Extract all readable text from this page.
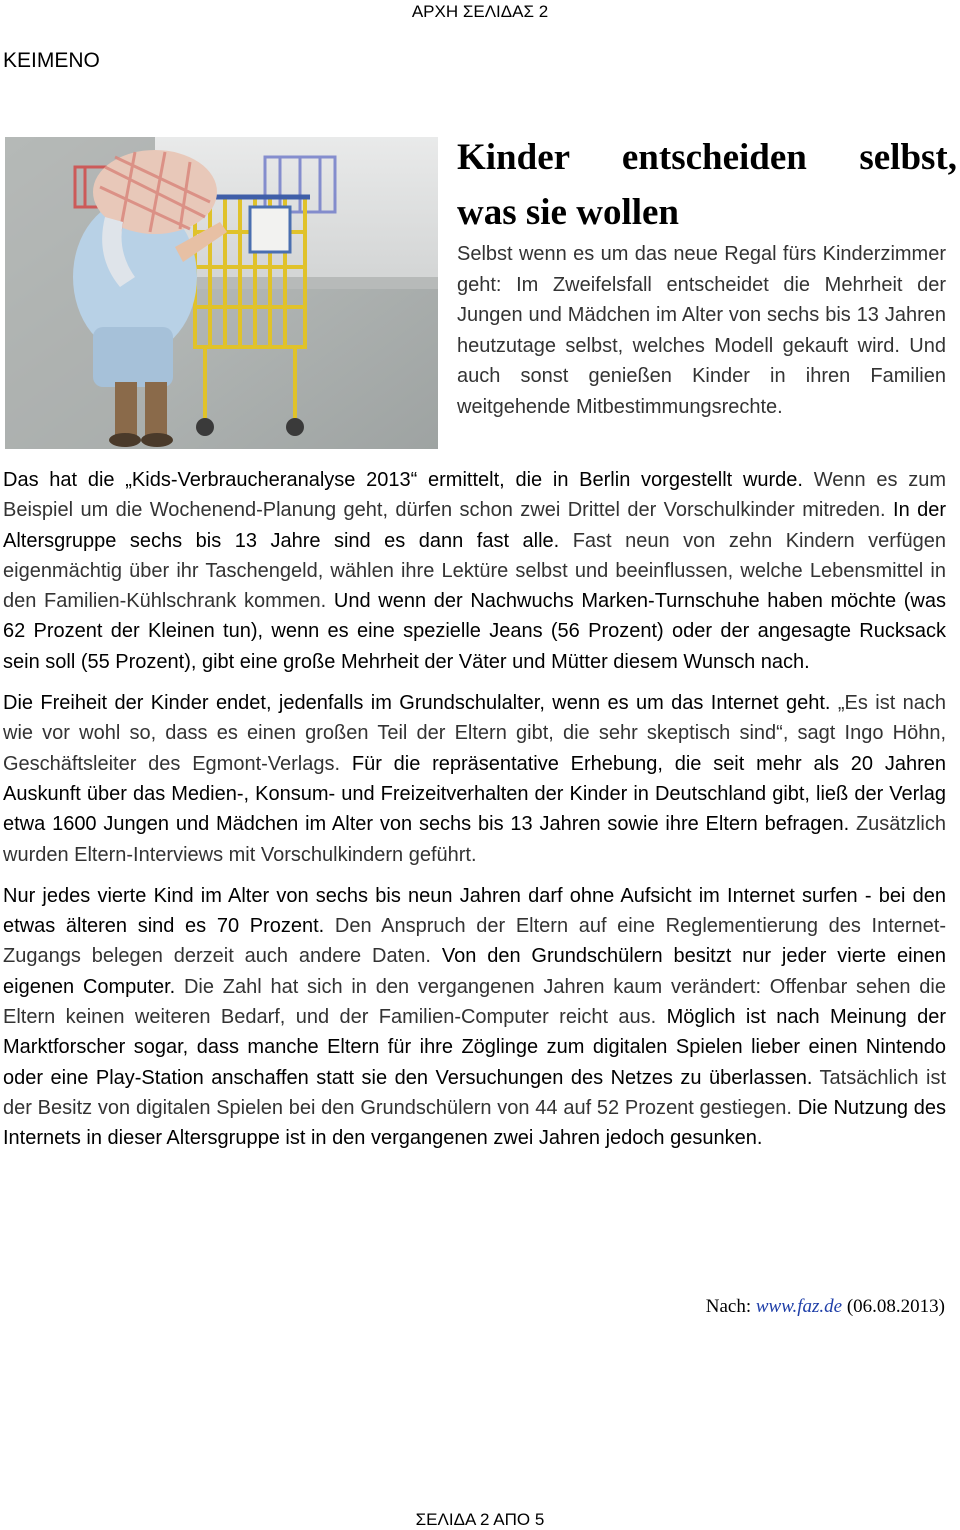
ΑΡΧΗ ΣΕΛΙΔΑΣ 2
KEIMENO
Kinder entscheiden selbst,
was sie wollen

Selbst wenn es um das neue Regal fürs Kinderzimmer geht: Im Zweifelsfall entscheidet die Mehrheit der Jungen und Mädchen im Alter von sechs bis 13 Jahren heutzutage selbst, welches Modell gekauft wird. Und auch sonst genießen Kinder in ihren Familien weitgehende Mitbestimmungsrechte.

Das hat die „Kids-Verbraucheranalyse 2013“ ermittelt, die in Berlin vorgestellt wurde. Wenn es zum Beispiel um die Wochenend-Planung geht, dürfen schon zwei Drittel der Vorschulkinder mitreden. In der Altersgruppe sechs bis 13 Jahre sind es dann fast alle. Fast neun von zehn Kindern verfügen eigenmächtig über ihr Taschengeld, wählen ihre Lektüre selbst und beeinflussen, welche Lebensmittel in den Familien-Kühlschrank kommen. Und wenn der Nachwuchs Marken-Turnschuhe haben möchte (was 62 Prozent der Kleinen tun), wenn es eine spezielle Jeans (56 Prozent) oder der angesagte Rucksack sein soll (55 Prozent), gibt eine große Mehrheit der Väter und Mütter diesem Wunsch nach.

Die Freiheit der Kinder endet, jedenfalls im Grundschulalter, wenn es um das Internet geht. „Es ist nach wie vor wohl so, dass es einen großen Teil der Eltern gibt, die sehr skeptisch sind“, sagt Ingo Höhn, Geschäftsleiter des Egmont-Verlags. Für die repräsentative Erhebung, die seit mehr als 20 Jahren Auskunft über das Medien-, Konsum- und Freizeitverhalten der Kinder in Deutschland gibt, ließ der Verlag etwa 1600 Jungen und Mädchen im Alter von sechs bis 13 Jahren sowie ihre Eltern befragen. Zusätzlich wurden Eltern-Interviews mit Vorschulkindern geführt.

Nur jedes vierte Kind im Alter von sechs bis neun Jahren darf ohne Aufsicht im Internet surfen - bei den etwas älteren sind es 70 Prozent. Den Anspruch der Eltern auf eine Reglementierung des Internet-Zugangs belegen derzeit auch andere Daten. Von den Grundschülern besitzt nur jeder vierte einen eigenen Computer. Die Zahl hat sich in den vergangenen Jahren kaum verändert: Offenbar sehen die Eltern keinen weiteren Bedarf, und der Familien-Computer reicht aus. Möglich ist nach Meinung der Marktforscher sogar, dass manche Eltern für ihre Zöglinge zum digitalen Spielen lieber einen Nintendo oder eine Play-Station anschaffen statt sie den Versuchungen des Netzes zu überlassen. Tatsächlich ist der Besitz von digitalen Spielen bei den Grundschülern von 44 auf 52 Prozent gestiegen. Die Nutzung des Internets in dieser Altersgruppe ist in den vergangenen zwei Jahren jedoch gesunken.

Nach: www.faz.de (06.08.2013)
ΣΕΛΙΔΑ 2 ΑΠΟ 5
